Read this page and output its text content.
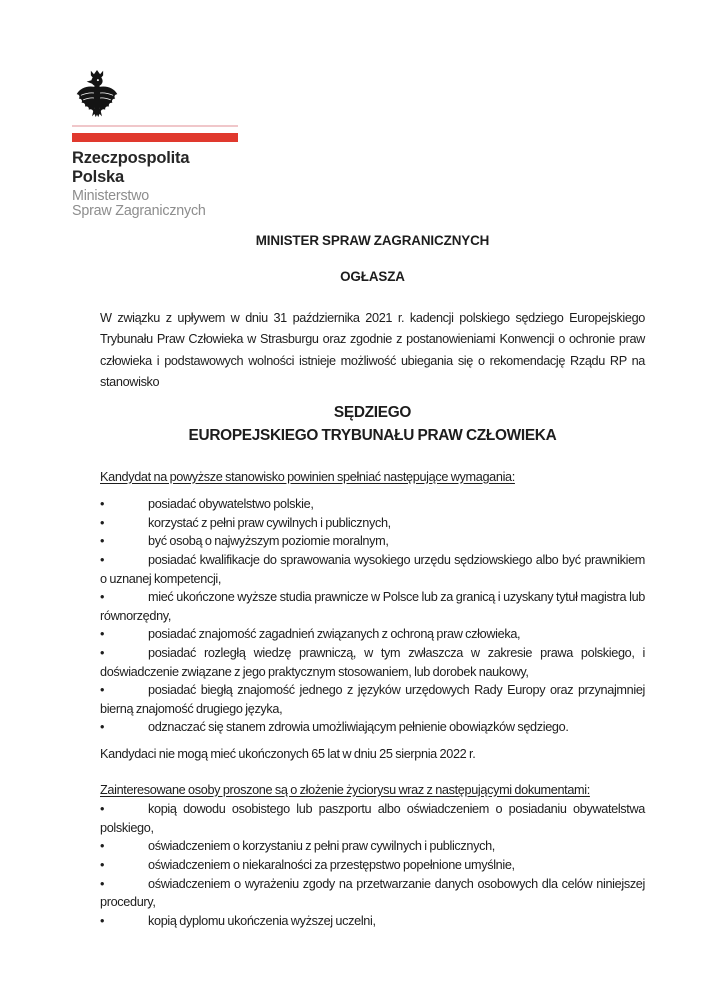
Rzeczpospolita Polska
Ministerstwo
Spraw Zagranicznych
MINISTER SPRAW ZAGRANICZNYCH
OGŁASZA
W związku z upływem w dniu 31 października 2021 r. kadencji polskiego sędziego Europejskiego Trybunału Praw Człowieka w Strasburgu oraz zgodnie z postanowieniami Konwencji o ochronie praw człowieka i podstawowych wolności istnieje możliwość ubiegania się o rekomendację Rządu RP na stanowisko
SĘDZIEGO
EUROPEJSKIEGO TRYBUNAŁU PRAW CZŁOWIEKA
Kandydat na powyższe stanowisko powinien spełniać następujące wymagania:
•	posiadać obywatelstwo polskie,
•	korzystać z pełni praw cywilnych i publicznych,
•	być osobą o najwyższym poziomie moralnym,
•	posiadać kwalifikacje do sprawowania wysokiego urzędu sędziowskiego albo być prawnikiem o uznanej kompetencji,
•	mieć ukończone wyższe studia prawnicze w Polsce lub za granicą i uzyskany tytuł magistra lub równorzędny,
•	posiadać znajomość zagadnień związanych z ochroną praw człowieka,
•	posiadać rozległą wiedzę prawniczą, w tym zwłaszcza w zakresie prawa polskiego, i doświadczenie związane z jego praktycznym stosowaniem, lub dorobek naukowy,
•	posiadać biegłą znajomość jednego z języków urzędowych Rady Europy oraz przynajmniej bierną znajomość drugiego języka,
•	odznaczać się stanem zdrowia umożliwiającym pełnienie obowiązków sędziego.
Kandydaci nie mogą mieć ukończonych 65 lat w dniu 25 sierpnia 2022 r.
Zainteresowane osoby proszone są o złożenie życiorysu wraz z następującymi dokumentami:
•	kopią dowodu osobistego lub paszportu albo oświadczeniem o posiadaniu obywatelstwa polskiego,
•	oświadczeniem o korzystaniu z pełni praw cywilnych i publicznych,
•	oświadczeniem o niekaralności za przestępstwo popełnione umyślnie,
•	oświadczeniem o wyrażeniu zgody na przetwarzanie danych osobowych dla celów niniejszej procedury,
•	kopią dyplomu ukończenia wyższej uczelni,
